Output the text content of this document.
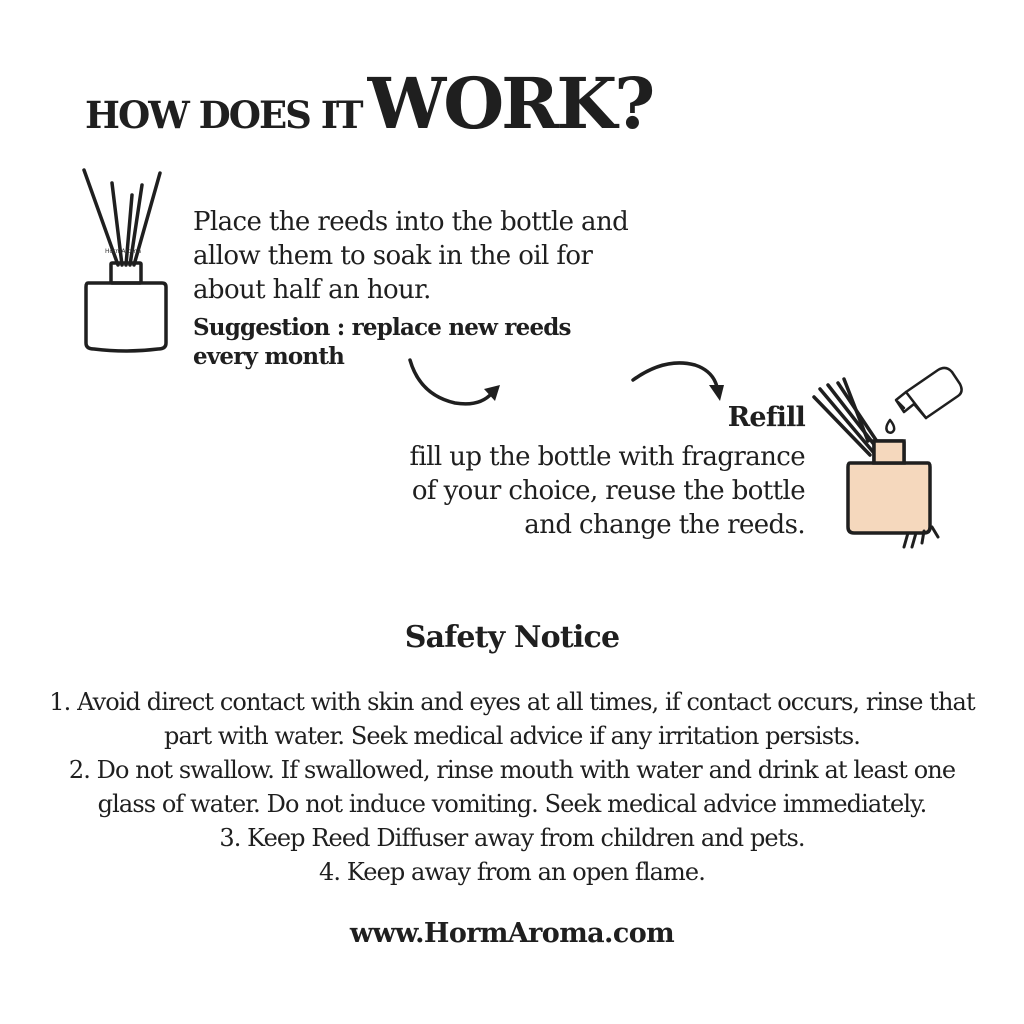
HOW DOES ITWORK?
HormAroma
Place the reeds into the bottle and
allow them to soak in the oil for
about half an hour.
Suggestion : replace new reeds
every month
Refill
fill up the bottle with fragrance
of your choice, reuse the bottle
and change the reeds.
Safety Notice
1. Avoid direct contact with skin and eyes at all times, if contact occurs, rinse that
part with water. Seek medical advice if any irritation persists.
2. Do not swallow. If swallowed, rinse mouth with water and drink at least one
glass of water. Do not induce vomiting. Seek medical advice immediately.
3. Keep Reed Diffuser away from children and pets.
4. Keep away from an open flame.
www.HormAroma.com
